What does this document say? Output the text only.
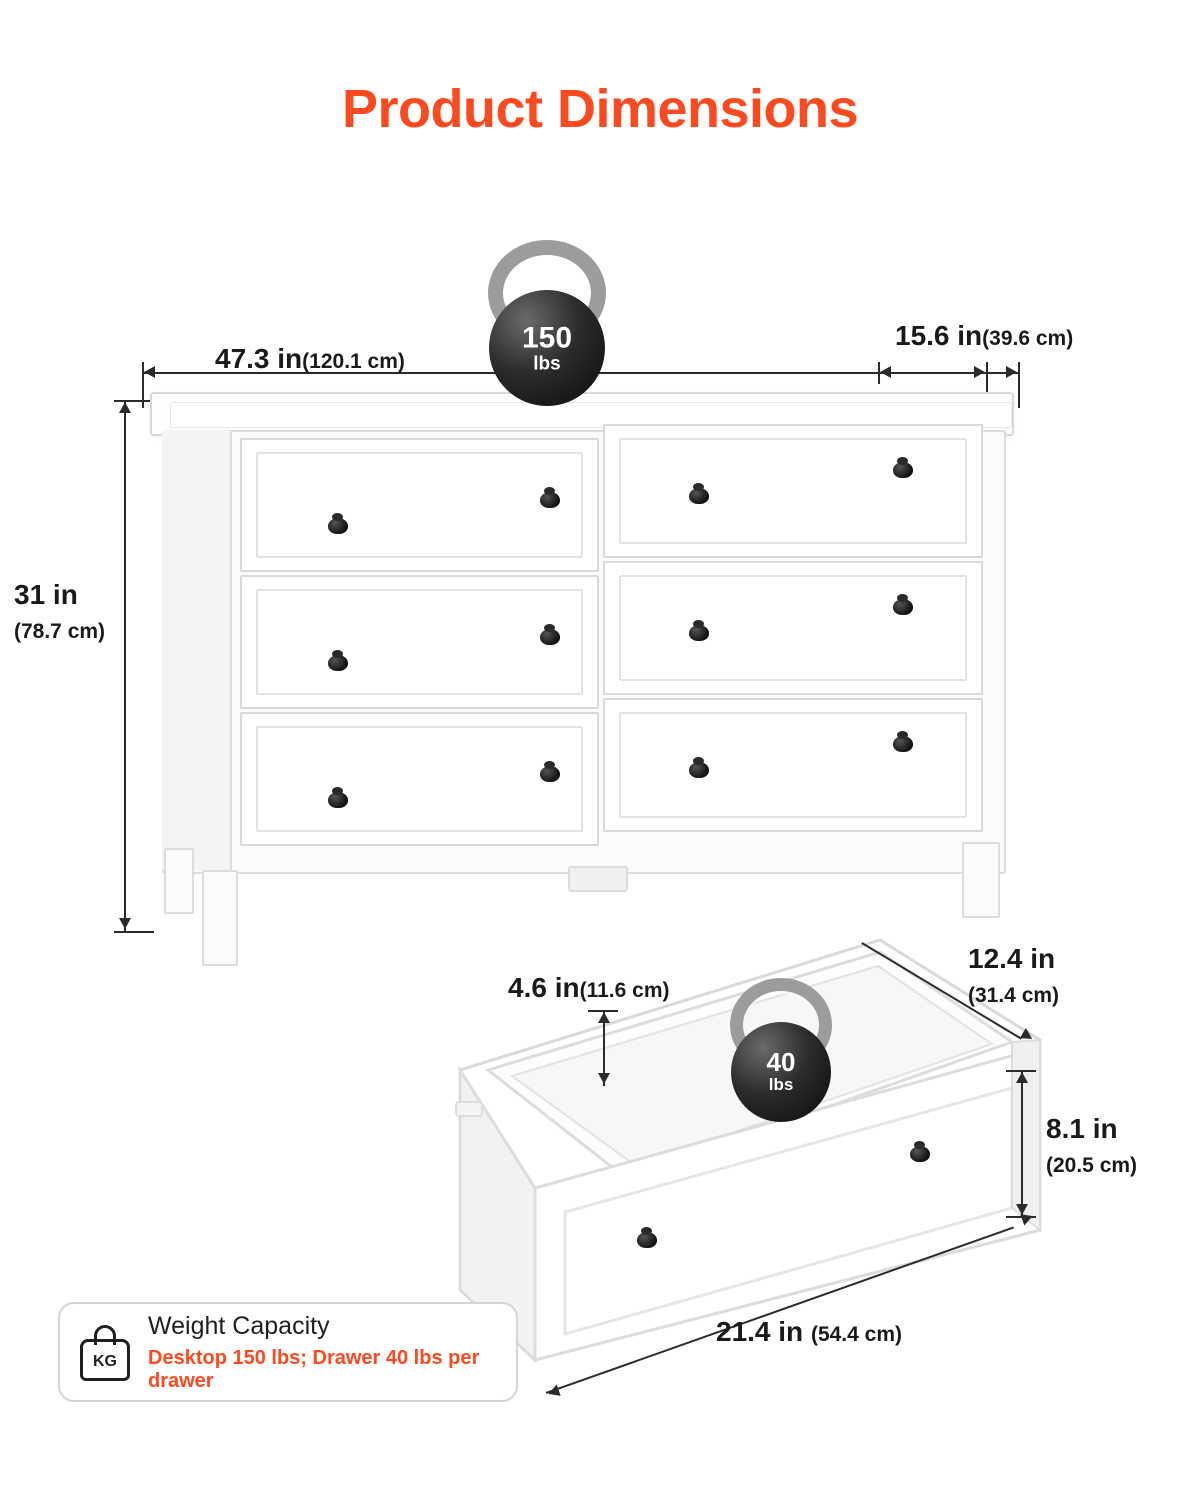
Product Dimensions
47.3 in(120.1 cm)
15.6 in(39.6 cm)
31 in
(78.7 cm)
150
lbs
40
lbs
4.6 in(11.6 cm)
12.4 in
(31.4 cm)
8.1 in
(20.5 cm)
21.4 in (54.4 cm)
KG
Weight Capacity
Desktop 150 lbs; Drawer 40 lbs per drawer
